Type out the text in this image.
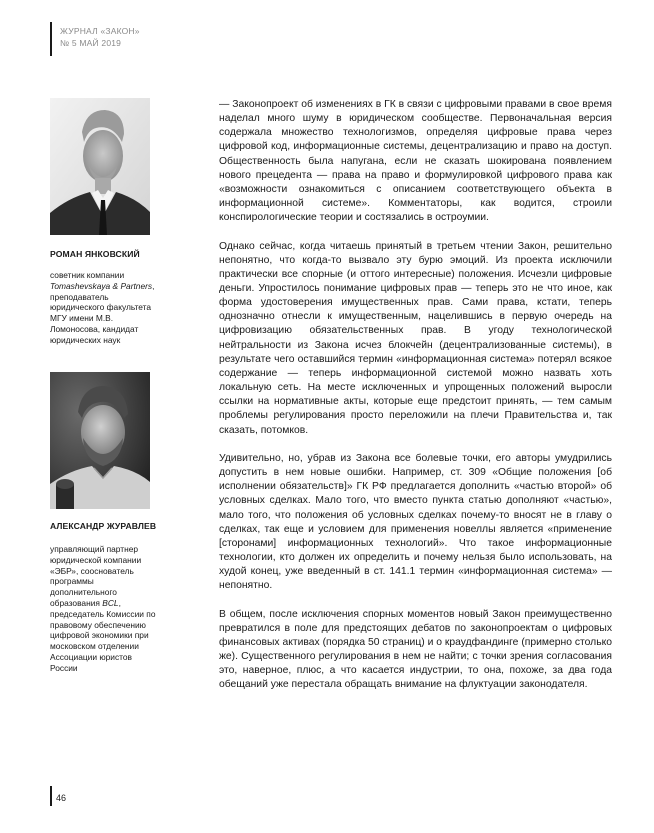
ЖУРНАЛ «ЗАКОН»
№ 5 МАЙ 2019
РОМАН ЯНКОВСКИЙ
советник компании Tomashevskaya & Partners, преподаватель юридического факультета МГУ имени М.В. Ломоносова, кандидат юридических наук
АЛЕКСАНДР ЖУРАВЛЕВ
управляющий партнер юридической компании «ЭБР», сооснователь программы дополнительного образования BCL, председатель Комиссии по правовому обеспечению цифровой экономики при московском отделении Ассоциации юристов России

— Законопроект об изменениях в ГК в связи с цифровыми правами в свое время наделал много шуму в юридическом сообществе. Первоначальная версия содержала множество технологизмов, определяя цифровые права через цифровой код, информационные системы, децентрализацию и право на доступ. Общественность была напугана, если не сказать шокирована появлением нового прецедента — права на право и формулировкой цифрового права как «возможности ознакомиться с описанием соответствующего объекта в информационной системе». Комментаторы, как водится, строили конспирологические теории и состязались в остроумии.

Однако сейчас, когда читаешь принятый в третьем чтении Закон, решительно непонятно, что когда-то вызвало эту бурю эмоций. Из проекта исключили практически все спорные (и оттого интересные) положения. Исчезли цифровые деньги. Упростилось понимание цифровых прав — теперь это не что иное, как форма удостоверения имущественных прав. Сами права, кстати, теперь однозначно отнесли к имущественным, нацелившись в первую очередь на цифровизацию обязательственных прав. В угоду технологической нейтральности из Закона исчез блокчейн (децентрализованные системы), в результате чего оставшийся термин «информационная система» потерял всякое содержание — теперь информационной системой можно назвать хоть локальную сеть. На месте исключенных и упрощенных положений выросли ссылки на нормативные акты, которые еще предстоит принять, — тем самым проблемы регулирования просто переложили на плечи Правительства и, так сказать, потомков.

Удивительно, но, убрав из Закона все болевые точки, его авторы умудрились допустить в нем новые ошибки. Например, ст. 309 «Общие положения [об исполнении обязательств]» ГК РФ предлагается дополнить «частью второй» об условных сделках. Мало того, что вместо пункта статью дополняют «частью», мало того, что положения об условных сделках почему-то вносят не в главу о сделках, так еще и условием для применения новеллы является «применение [сторонами] информационных технологий». Что такое информационные технологии, кто должен их определить и почему нельзя было использовать, на худой конец, уже введенный в ст. 141.1 термин «информационная система» — непонятно.

В общем, после исключения спорных моментов новый Закон преимущественно превратился в поле для предстоящих дебатов по законопроектам о цифровых финансовых активах (порядка 50 страниц) и о краудфандинге (примерно столько же). Существенного регулирования в нем не найти; с точки зрения согласования это, наверное, плюс, а что касается индустрии, то она, похоже, за два года обещаний уже перестала обращать внимание на флуктуации законодателя.

46
